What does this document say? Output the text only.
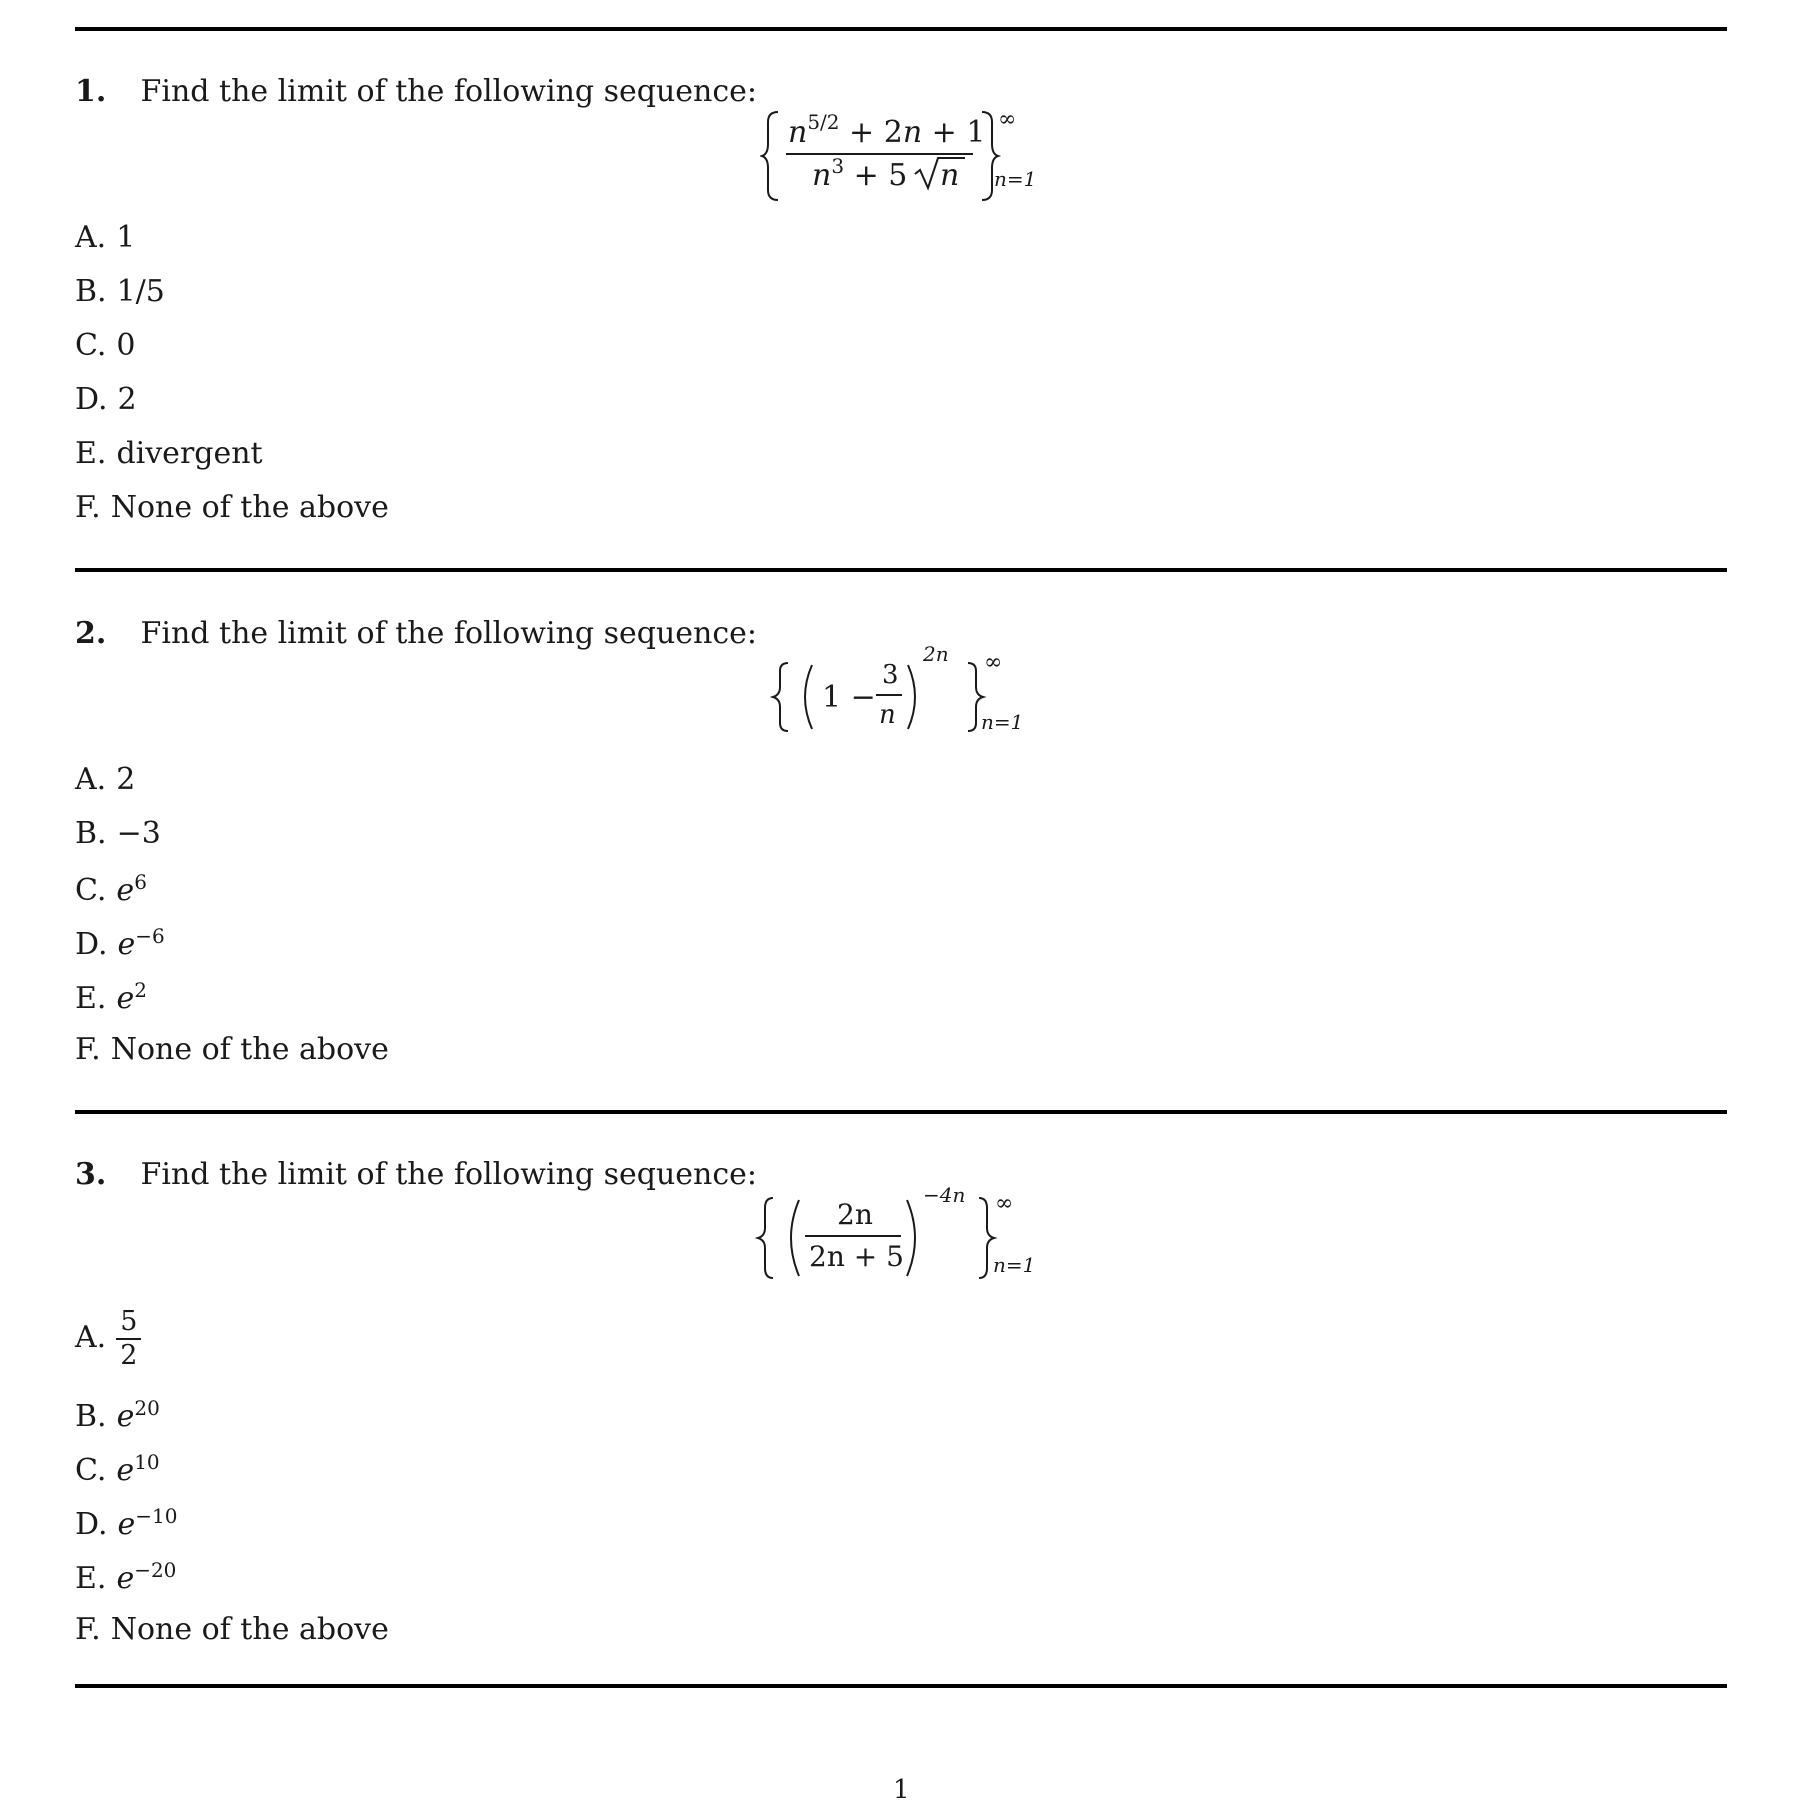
1. Find the limit of the following sequence:
$n^{5/2} + 2n + 1$
$n^3 + 5$ n
∞
n=1
A. 1
B. 1/5
C. 0
D. 2
E. divergent
F. None of the above
2. Find the limit of the following sequence:
1 −
3
n
2n ∞
n=1
A. 2
B. −3
C. $e^6$
D. $e^{-6}$
E. $e^2$
F. None of the above
3. Find the limit of the following sequence:
2n
2n + 5
−4n ∞
n=1
A. $\frac{5}{2}$
B. $e^{20}$
C. $e^{10}$
D. $e^{-10}$
E. $e^{-20}$
F. None of the above
1
